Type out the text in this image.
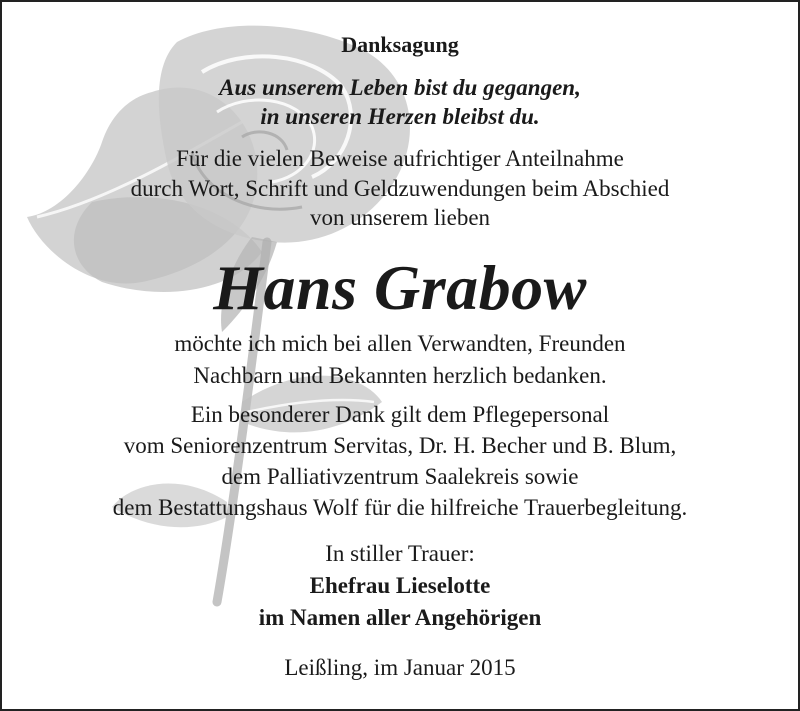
Danksagung
Aus unserem Leben bist du gegangen,
in unseren Herzen bleibst du.
Für die vielen Beweise aufrichtiger Anteilnahme
durch Wort, Schrift und Geldzuwendungen beim Abschied
von unserem lieben
Hans Grabow
möchte ich mich bei allen Verwandten, Freunden
Nachbarn und Bekannten herzlich bedanken.
Ein besonderer Dank gilt dem Pflegepersonal
vom Seniorenzentrum Servitas, Dr. H. Becher und B. Blum,
dem Palliativzentrum Saalekreis sowie
dem Bestattungshaus Wolf für die hilfreiche Trauerbegleitung.
In stiller Trauer:
Ehefrau Lieselotte
im Namen aller Angehörigen
Leißling, im Januar 2015
